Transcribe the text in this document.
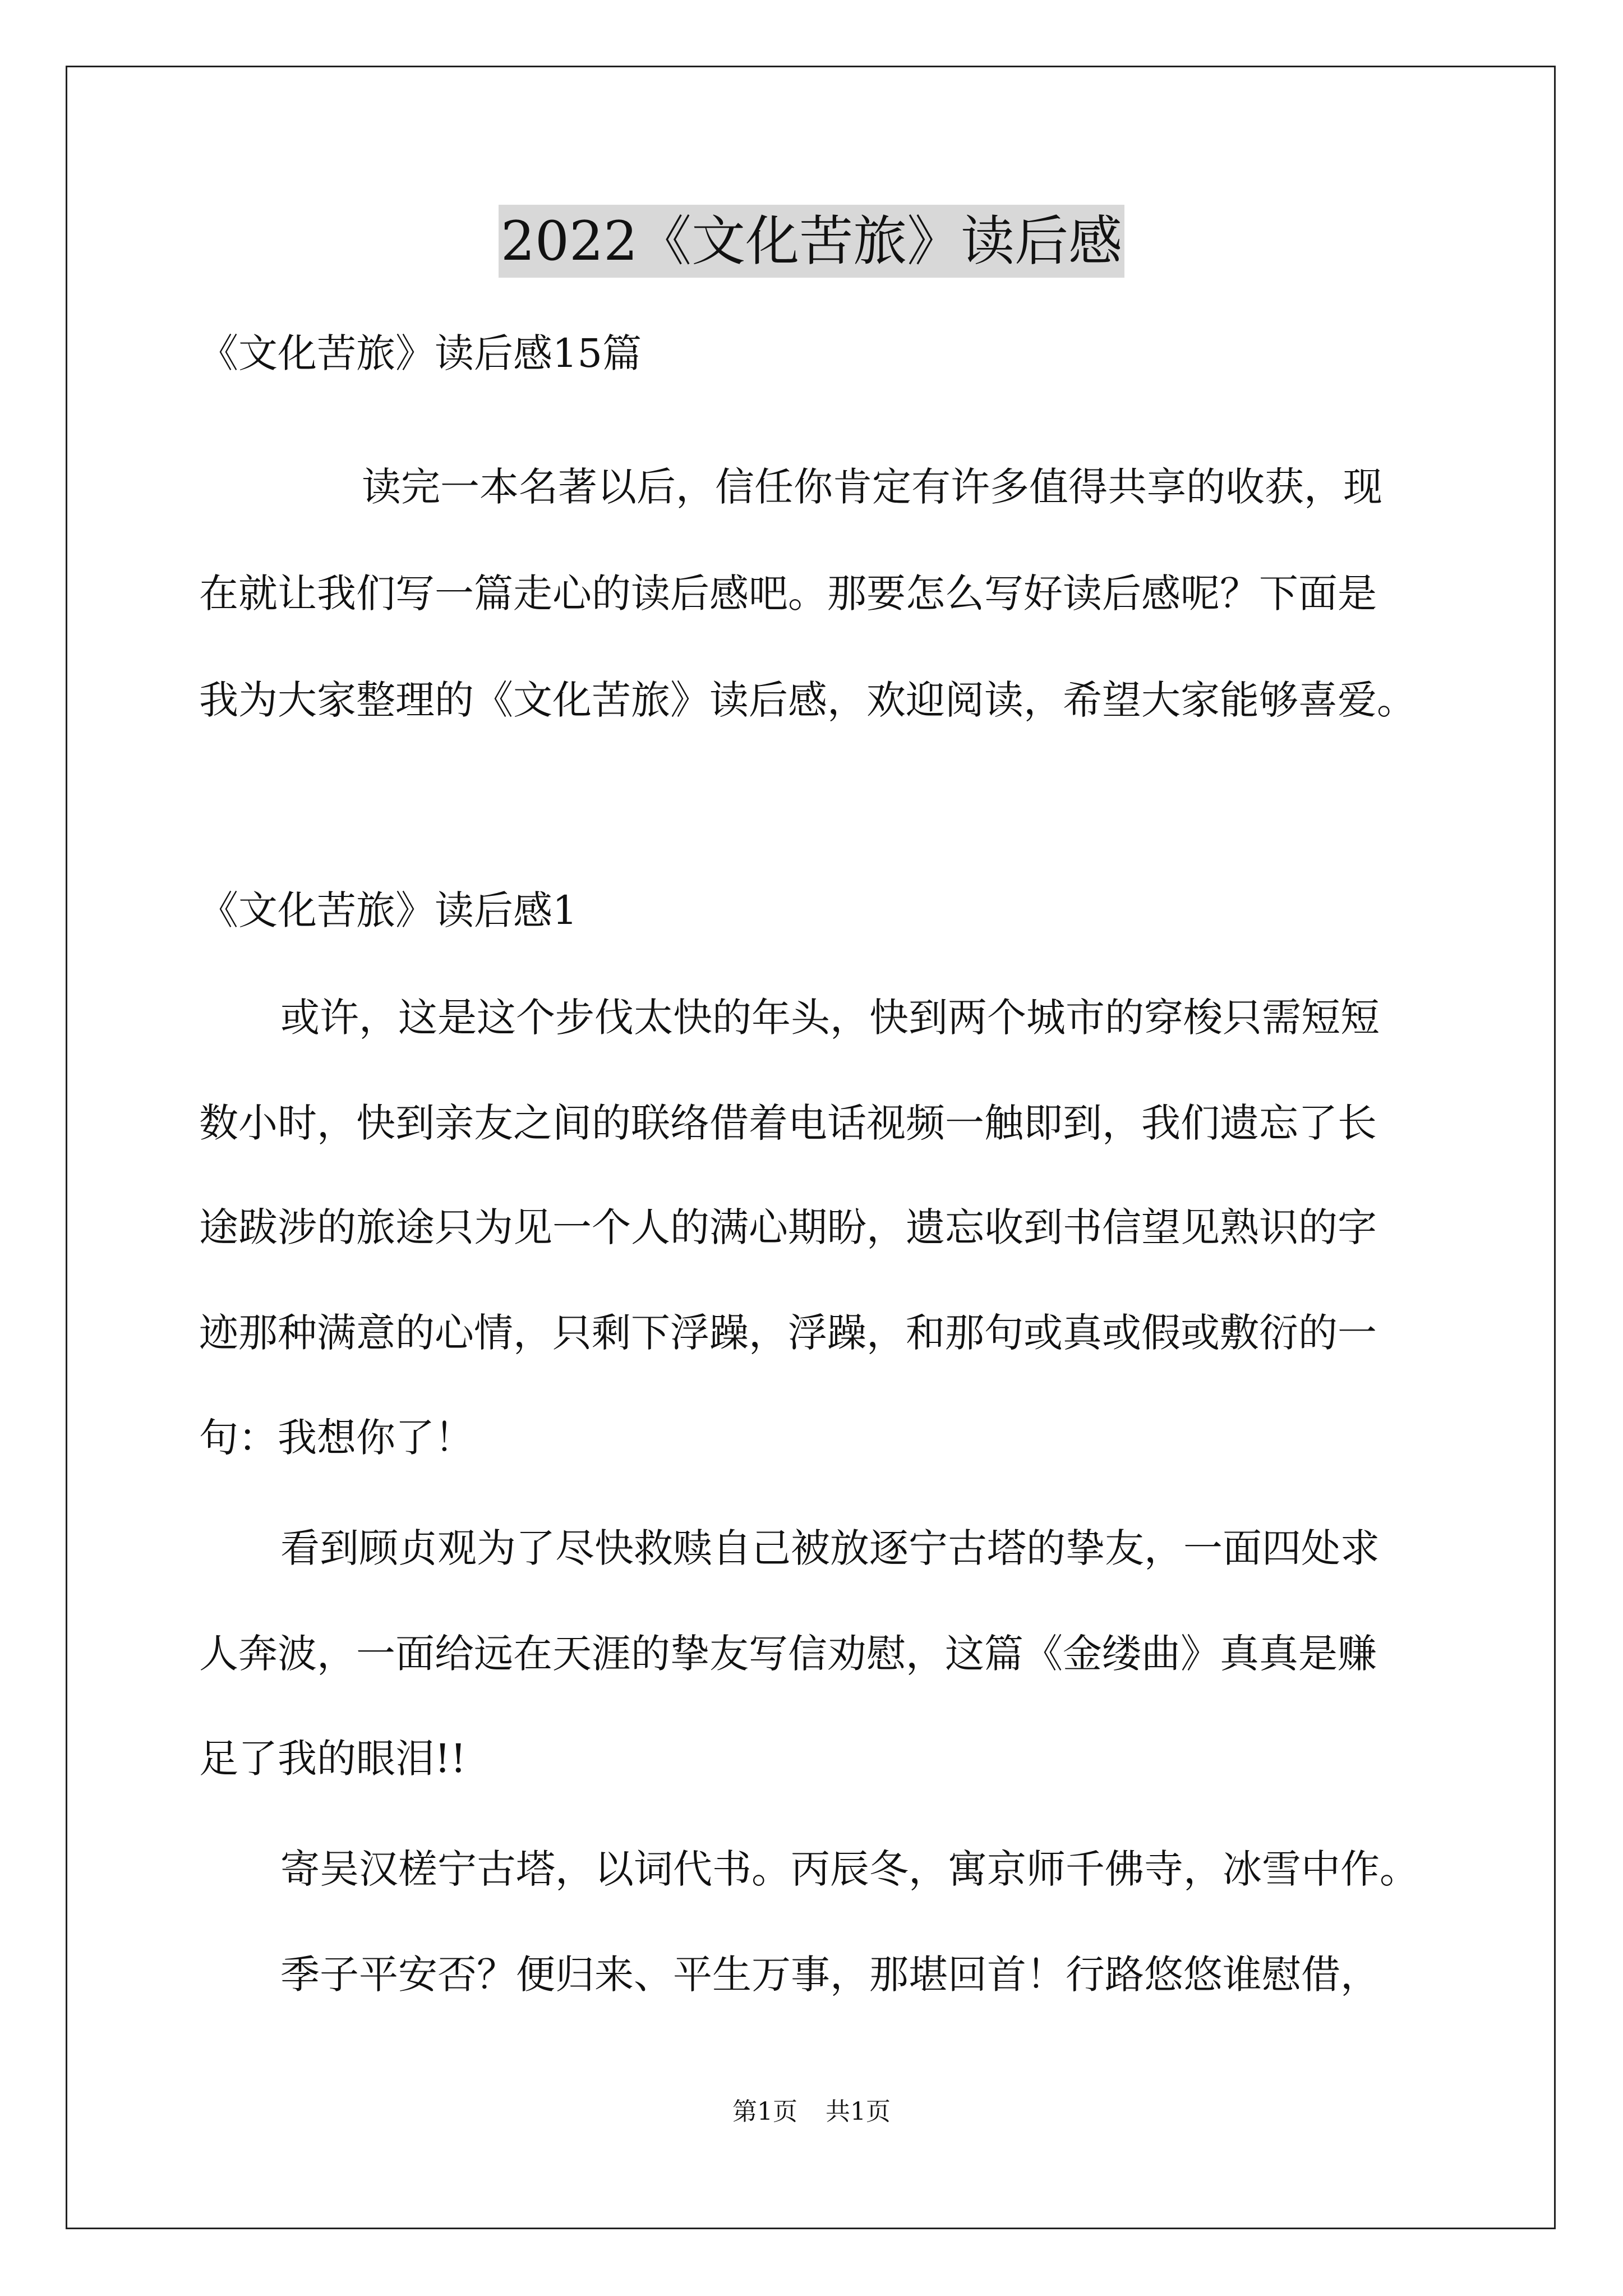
2022《文化苦旅》读后感
《文化苦旅》读后感15篇
读完一本名著以后，信任你肯定有许多值得共享的收获，现
在就让我们写一篇走心的读后感吧。那要怎么写好读后感呢？下面是
我为大家整理的《文化苦旅》读后感，欢迎阅读，希望大家能够喜爱。
《文化苦旅》读后感1
或许，这是这个步伐太快的年头，快到两个城市的穿梭只需短短
数小时，快到亲友之间的联络借着电话视频一触即到，我们遗忘了长
途跋涉的旅途只为见一个人的满心期盼，遗忘收到书信望见熟识的字
迹那种满意的心情，只剩下浮躁，浮躁，和那句或真或假或敷衍的一
句：我想你了！
看到顾贞观为了尽快救赎自己被放逐宁古塔的挚友，一面四处求
人奔波，一面给远在天涯的挚友写信劝慰，这篇《金缕曲》真真是赚
足了我的眼泪!!
寄吴汉槎宁古塔，以词代书。丙辰冬，寓京师千佛寺，冰雪中作。
季子平安否？便归来、平生万事，那堪回首！行路悠悠谁慰借，
第1页 共1页
